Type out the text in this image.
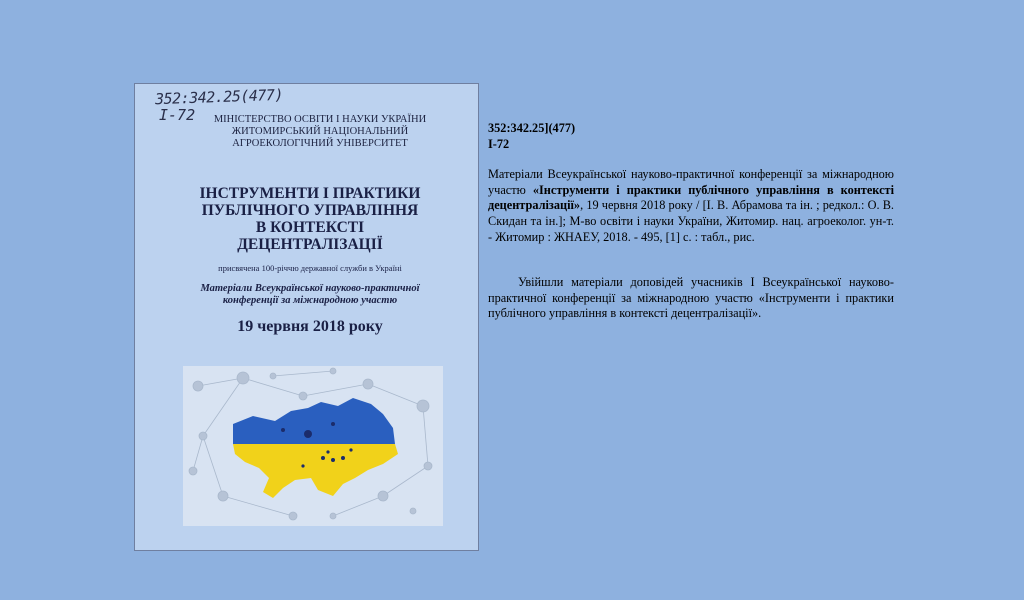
352:342.25(477)
І-72	МІНІСТЕРСТВО ОСВІТИ І НАУКИ УКРАЇНИ
ЖИТОМИРСЬКИЙ НАЦІОНАЛЬНИЙ
АГРОЕКОЛОГІЧНИЙ УНІВЕРСИТЕТ
ІНСТРУМЕНТИ І ПРАКТИКИ
ПУБЛІЧНОГО УПРАВЛІННЯ
В КОНТЕКСТІ
ДЕЦЕНТРАЛІЗАЦІЇ
присвячена 100-річчю державної служби в Україні
Матеріали Всеукраїнської науково-практичної
конференції за міжнародною участю
19 червня 2018 року

352:342.25](477)

І-72

Матеріали Всеукраїнської науково-практичної конференції за міжнародною участю «Інструменти і практики публічного управління в контексті децентралізації», 19 червня 2018 року / [І. В. Абрамова та ін. ; редкол.: О. В. Скидан та ін.]; М-во освіти і науки України, Житомир. нац. агроеколог. ун-т. - Житомир : ЖНАЕУ, 2018. - 495, [1] с. : табл., рис.

Увійшли матеріали доповідей учасників І Всеукраїнської науково-практичної конференції за міжнародною участю «Інструменти і практики публічного управління в контексті децентралізації».
